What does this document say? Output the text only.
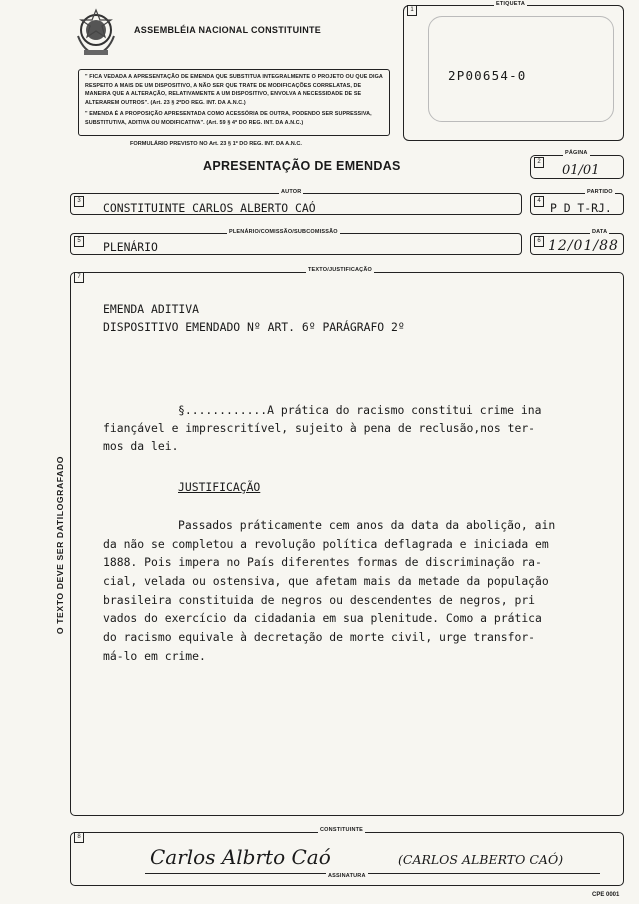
ASSEMBLÉIA NACIONAL CONSTITUINTE
" FICA VEDADA A APRESENTAÇÃO DE EMENDA QUE SUBSTITUA INTEGRALMENTE O PROJETO OU QUE DIGA RESPEITO A MAIS DE UM DISPOSITIVO, A NÃO SER QUE TRATE DE MODIFICAÇÕES CORRELATAS, DE MANEIRA QUE A ALTERAÇÃO, RELATIVAMENTE A UM DISPOSITIVO, ENVOLVA A NECESSIDADE DE SE ALTERAREM OUTROS". (Art. 23 § 2ºDO REG. INT. DA A.N.C.)
" EMENDA É A PROPOSIÇÃO APRESENTADA COMO ACESSÓRIA DE OUTRA, PODENDO SER SUPRESSIVA, SUBSTITUTIVA, ADITIVA OU MODIFICATIVA". (Art. 59 § 4º DO REG. INT. DA A.N.C.)
FORMULÁRIO PREVISTO NO Art. 23 § 1º DO REG. INT. DA A.N.C.
1
ETIQUETA
2P00654-0
APRESENTAÇÃO DE EMENDAS	2
PÁGINA
01/01
3
AUTOR
CONSTITUINTE CARLOS ALBERTO CAÓ	4
PARTIDO
P D T-RJ.
5
PLENÁRIO/COMISSÃO/SUBCOMISSÃO
PLENÁRIO	6
DATA
12/01/88
7
TEXTO/JUSTIFICAÇÃO
O TEXTO DEVE SER DATILOGRAFADO
EMENDA ADITIVA
DISPOSITIVO EMENDADO Nº ART. 6º PARÁGRAFO 2º
§............A prática do racismo constitui crime ina
fiançável e imprescritível, sujeito à pena de reclusão,nos ter-
mos da lei.
JUSTIFICAÇÃO
Passados práticamente cem anos da data da abolição, ain
da não se completou a revolução política deflagrada e iniciada em
1888. Pois impera no País diferentes formas de discriminação ra-
cial, velada ou ostensiva, que afetam mais da metade da população
brasileira constituida de negros ou descendentes de negros, pri
vados do exercício da cidadania em sua plenitude. Como a prática
do racismo equivale à decretação de morte civil, urge transfor-
má-lo em crime.
8
CONSTITUINTE
Carlos Albrto Caó	(CARLOS ALBERTO CAÓ)
ASSINATURA
CPE 0001
